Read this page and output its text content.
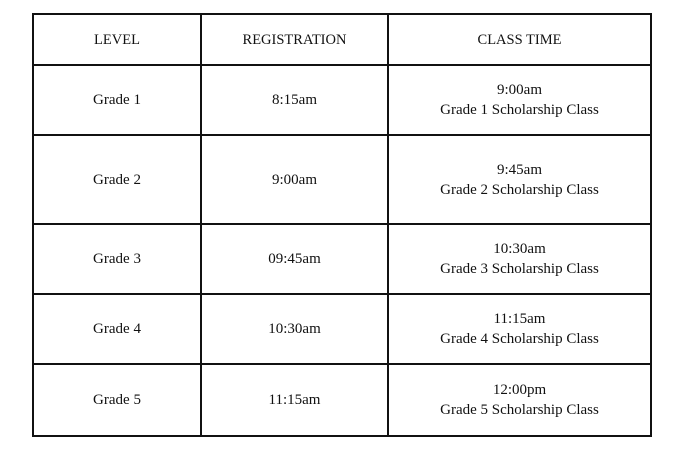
LEVEL	REGISTRATION	CLASS TIME
Grade 1	8:15am	9:00am
Grade 1 Scholarship Class

Grade 2	9:00am	9:45am
Grade 2 Scholarship Class

Grade 3	09:45am	10:30am
Grade 3 Scholarship Class

Grade 4	10:30am	11:15am
Grade 4 Scholarship Class

Grade 5	11:15am	12:00pm
Grade 5 Scholarship Class
